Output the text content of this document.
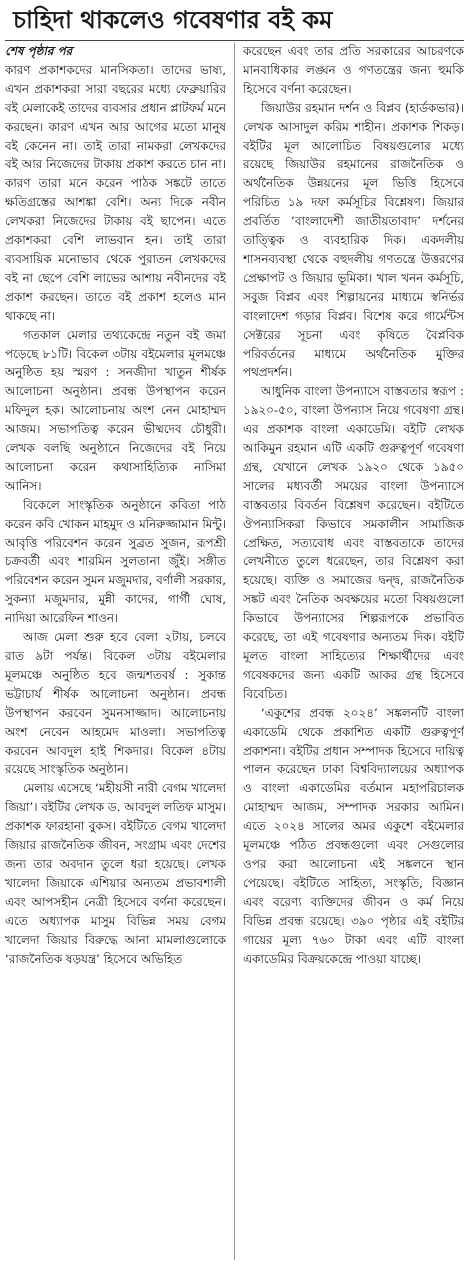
চাহিদা থাকলেও গবেষণার বই কম

শেষ পৃষ্ঠার পর

কারণ প্রকাশকদের মানসিকতা। তাদের ভাষ্য, এখন প্রকাশকরা সারা বছরের মধ্যে ফেব্রুয়ারির বই মেলাকেই তাদের ব্যবসার প্রধান প্লাটফর্ম মনে করছেন। কারণ এখন আর আগের মতো মানুষ বই কেনেন না। তাই তারা নামকরা লেখকদের বই আর নিজেদের টাকায় প্রকাশ করতে চান না। কারণ তারা মনে করেন পাঠক সঙ্কটে তাতে ক্ষতিগ্রস্তের আশঙ্কা বেশি। অন্য দিকে নবীন লেখকরা নিজেদের টাকায় বই ছাপেন। এতে প্রকাশকরা বেশি লাভবান হন। তাই তারা ব্যবসায়িক মনোভাব থেকে পুরাতন লেখকদের বই না ছেপে বেশি লাভের আশায় নবীনদের বই প্রকাশ করছেন। তাতে বই প্রকাশ হলেও মান থাকছে না।

গতকাল মেলার তথ্যকেন্দ্রে নতুন বই জমা পড়েছে ৮১টি। বিকেল ৩টায় বইমেলার মূলমঞ্চে অনুষ্ঠিত হয় স্মরণ : সনজীদা খাতুন শীর্ষক আলোচনা অনুষ্ঠান। প্রবন্ধ উপস্থাপন করেন মফিদুল হক। আলোচনায় অংশ নেন মোহাম্মদ আজম। সভাপতিত্ব করেন ভীষ্মদেব চৌধুরী। লেখক বলছি অনুষ্ঠানে নিজেদের বই নিয়ে আলোচনা করেন কথাসাহিত্যিক নাসিমা আনিস।

বিকেলে সাংস্কৃতিক অনুষ্ঠানে কবিতা পাঠ করেন কবি খোকন মাহমুদ ও মনিরুজ্জামান মিন্টু। আবৃত্তি পরিবেশন করেন সুব্রত সুজন, রূপশ্রী চক্রবর্তী এবং শারমিন সুলতানা জুঁই। সঙ্গীত পরিবেশন করেন সুমন মজুমদার, বর্ণালী সরকার, সুকন্যা মজুমদার, মুন্নী কাদের, গার্গী ঘোষ, নাদিয়া আরেফিন শাওন।

আজ মেলা শুরু হবে বেলা ২টায়, চলবে রাত ৯টা পর্যন্ত। বিকেল ৩টায় বইমেলার মূলমঞ্চে অনুষ্ঠিত হবে জন্মশতবর্ষ : সুকান্ত ভট্টাচার্য শীর্ষক আলোচনা অনুষ্ঠান। প্রবন্ধ উপস্থাপন করবেন সুমনসাজ্জাদ। আলোচনায় অংশ নেবেন আহমেদ মাওলা। সভাপতিত্ব করবেন আবদুল হাই শিকদার। বিকেল ৪টায় রয়েছে সাংস্কৃতিক অনুষ্ঠান।

মেলায় এসেছে ‘মহীয়সী নারী বেগম খালেদা জিয়া’। বইটির লেখক ড. আবদুল লতিফ মাসুম। প্রকাশক ফারহানা বুকস। বইটিতে বেগম খালেদা জিয়ার রাজনৈতিক জীবন, সংগ্রাম এবং দেশের জন্য তার অবদান তুলে ধরা হয়েছে। লেখক খালেদা জিয়াকে এশিয়ার অন্যতম প্রভাবশালী এবং আপসহীন নেত্রী হিসেবে বর্ণনা করেছেন। এতে অধ্যাপক মাসুম বিভিন্ন সময় বেগম খালেদা জিয়ার বিরুদ্ধে আনা মামলাগুলোকে ‘রাজনৈতিক ষড়যন্ত্র’ হিসেবে অভিহিত

করেছেন এবং তার প্রতি সরকারের আচরণকে মানবাধিকার লঙ্ঘন ও গণতন্ত্রের জন্য হুমকি হিসেবে বর্ণনা করেছেন।

জিয়াউর রহমান দর্শন ও বিপ্লব (হার্ডকভার)। লেখক আসাদুল করিম শাহীন। প্রকাশক শিকড়। বইটির মূল আলোচিত বিষয়গুলোর মধ্যে রয়েছে জিয়াউর রহমানের রাজনৈতিক ও অর্থনৈতিক উন্নয়নের মূল ভিত্তি হিসেবে পরিচিত ১৯ দফা কর্মসূচির বিশ্লেষণ। জিয়ার প্রবর্তিত ‘বাংলাদেশী জাতীয়তাবাদ’ দর্শনের তাত্ত্বিক ও ব্যবহারিক দিক। একদলীয় শাসনব্যবস্থা থেকে বহুদলীয় গণতন্ত্রে উত্তরণের প্রেক্ষাপট ও জিয়ার ভূমিকা। খাল খনন কর্মসূচি, সবুজ বিপ্লব এবং শিল্পায়নের মাধ্যমে স্বনির্ভর বাংলাদেশ গড়ার বিপ্লব। বিশেষ করে গার্মেন্টস সেক্টরের সূচনা এবং কৃষিতে বৈপ্লবিক পরিবর্তনের মাধ্যমে অর্থনৈতিক মুক্তির পথপ্রদর্শন।

আধুনিক বাংলা উপন্যাসে বাস্তবতার স্বরূপ : ১৯২০-৫০, বাংলা উপন্যাস নিয়ে গবেষণা গ্রন্থ। এর প্রকাশক বাংলা একাডেমি। বইটি লেখক আকিমুন রহমান এটি একটি গুরুত্বপূর্ণ গবেষণা গ্রন্থ, যেখানে লেখক ১৯২০ থেকে ১৯৫০ সালের মধ্যবর্তী সময়ের বাংলা উপন্যাসে বাস্তবতার বিবর্তন বিশ্লেষণ করেছেন। বইটিতে ঔপন্যাসিকরা কিভাবে সমকালীন সামাজিক প্রেক্ষিত, সত্যবোধ এবং বাস্তবতাকে তাদের লেখনীতে তুলে ধরেছেন, তার বিশ্লেষণ করা হয়েছে। ব্যক্তি ও সমাজের দ্বন্দ্ব, রাজনৈতিক সঙ্কট এবং নৈতিক অবক্ষয়ের মতো বিষয়গুলো কিভাবে উপন্যাসের শিল্পরূপকে প্রভাবিত করেছে, তা এই গবেষণার অন্যতম দিক। বইটি মূলত বাংলা সাহিত্যের শিক্ষার্থীদের এবং গবেষকদের জন্য একটি আকর গ্রন্থ হিসেবে বিবেচিত।

‘একুশের প্রবন্ধ ২০২৪’ সঙ্কলনটি বাংলা একাডেমি থেকে প্রকাশিত একটি গুরুত্বপূর্ণ প্রকাশনা। বইটির প্রধান সম্পাদক হিসেবে দায়িত্ব পালন করেছেন ঢাকা বিশ্ববিদ্যালয়ের অধ্যাপক ও বাংলা একাডেমির বর্তমান মহাপরিচালক মোহাম্মদ আজম, সম্পাদক সরকার আমিন। এতে ২০২৪ সালের অমর একুশে বইমেলার মূলমঞ্চে পঠিত প্রবন্ধগুলো এবং সেগুলোর ওপর করা আলোচনা এই সঙ্কলনে স্থান পেয়েছে। বইটিতে সাহিত্য, সংস্কৃতি, বিজ্ঞান এবং বরেণ্য ব্যক্তিদের জীবন ও কর্ম নিয়ে বিভিন্ন প্রবন্ধ রয়েছে। ৩৯০ পৃষ্ঠার এই বইটির গায়ের মূল্য ৭৬০ টাকা এবং এটি বাংলা একাডেমির বিক্রয়কেন্দ্রে পাওয়া যাচ্ছে।
